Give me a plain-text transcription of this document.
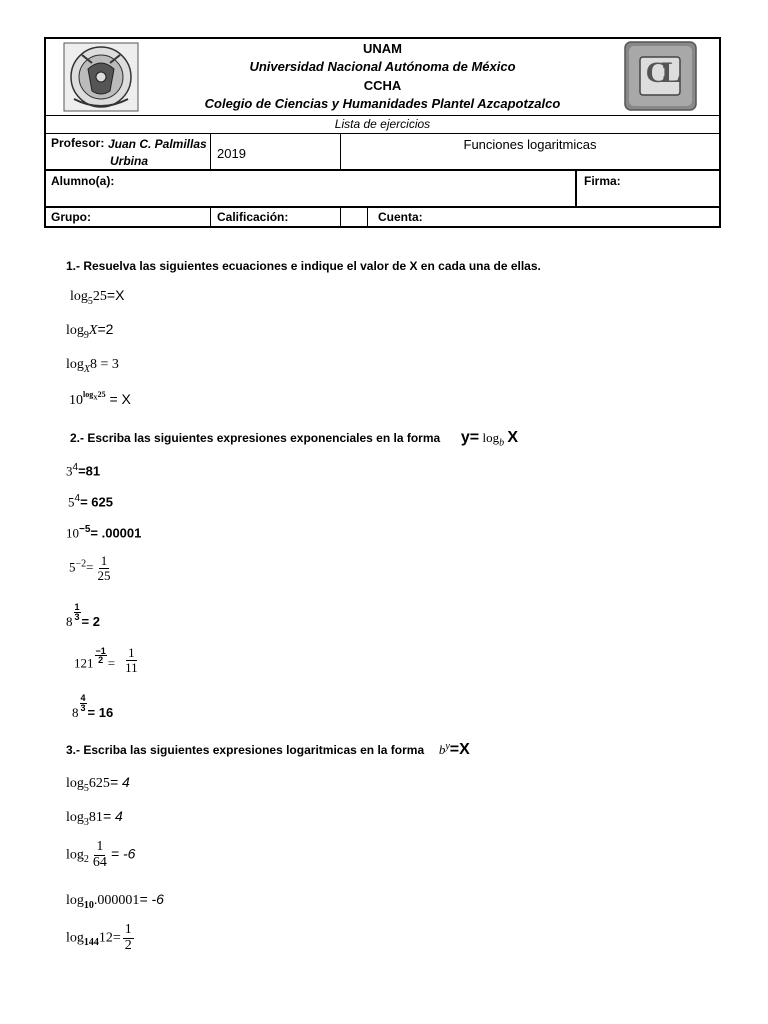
CL
UNAM
Universidad Nacional Autónoma de México
CCHA
Colegio de Ciencias y Humanidades Plantel Azcapotzalco
Lista de ejercicios
Profesor: Juan C. Palmillas Urbina	2019
Funciones logaritmicas
Alumno(a):	Firma:
Grupo:	Calificación:	Cuenta:
1.- Resuelva las siguientes ecuaciones e indique el valor de X en cada una de ellas.
$\log_525=X$
$\log_9X=2$
$\log_X8 = 3$
$10^{log_X25} = X$
2.- Escriba las siguientes expresiones exponenciales en la forma $y= \log_b X$
$3^4=81$
$5^4= 625$
$10^{-5}= .00001$
$5^{-2}= \frac{1}{25}$
8
$\frac{1}{3}$
= 2
$121 \frac{-1}{2} = \frac{1}{11}$
8
$\frac{4}{3}$
= 16
3.- Escriba las siguientes expresiones logaritmicas en la forma $b^y=X$
$\log_5625= 4$
$\log_381= 4$
$\log_2 \frac{1}{64} = -6$
$\log_{10}.000001= -6$
$\log_{144}12= \frac{1}{2}$
